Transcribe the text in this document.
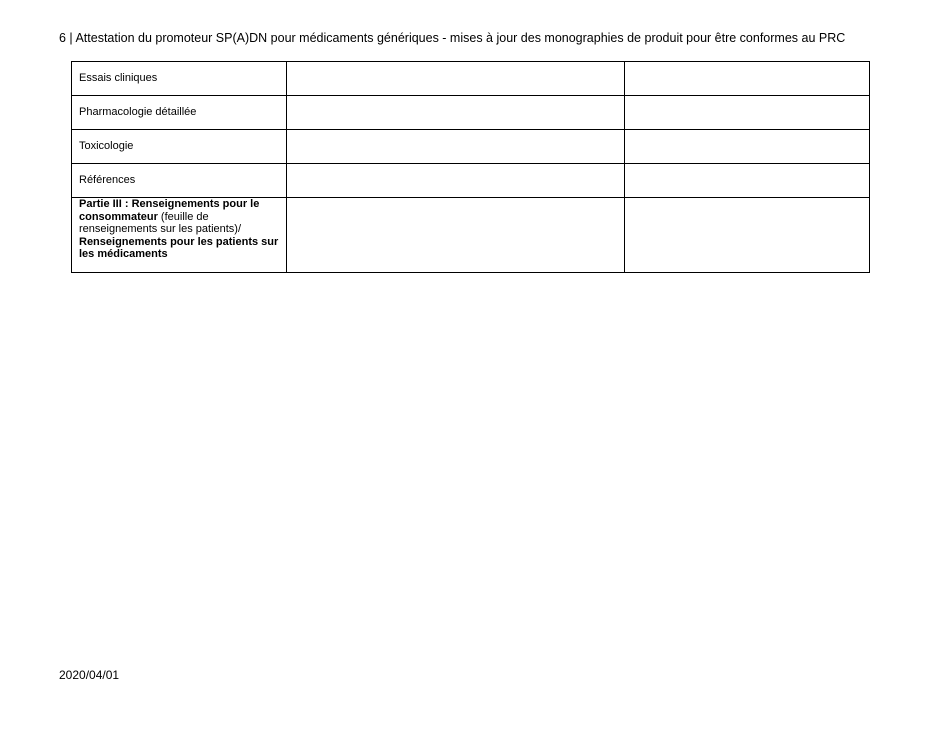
6 | Attestation du promoteur SP(A)DN pour médicaments génériques - mises à jour des monographies de produit pour être conformes au PRC
Essais cliniques		
Pharmacologie détaillée		
Toxicologie		
Références		
Partie III : Renseignements pour le consommateur (feuille de renseignements sur les patients)/
Renseignements pour les patients sur les médicaments		
2020/04/01
